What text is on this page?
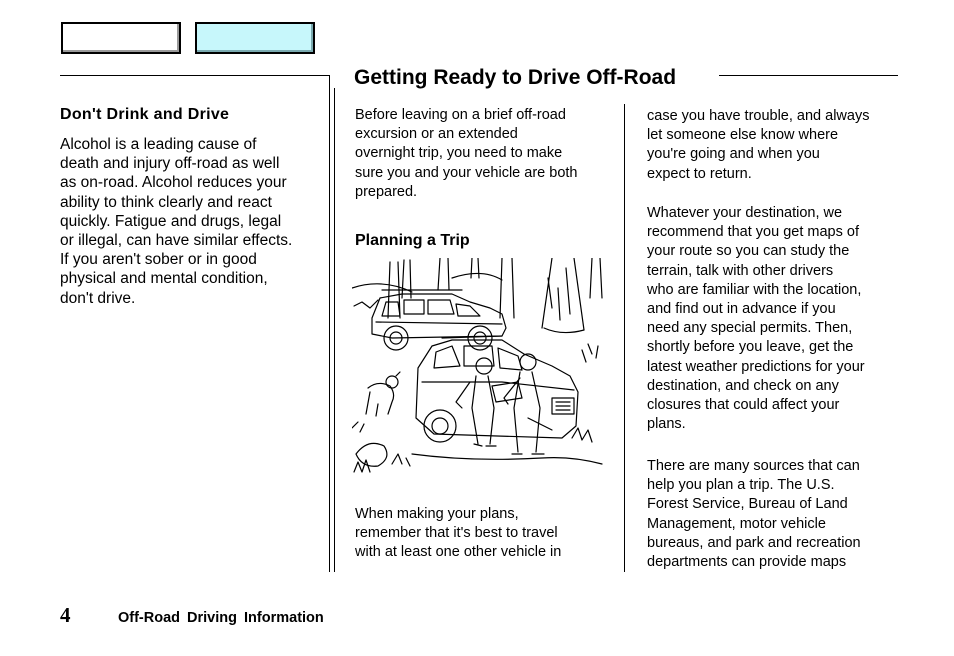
Getting Ready to Drive Off-Road
Don't Drink and Drive

Alcohol is a leading cause of
death and injury off-road as well
as on-road. Alcohol reduces your
ability to think clearly and react
quickly. Fatigue and drugs, legal
or illegal, can have similar effects.
If you aren't sober or in good
physical and mental condition,
don't drive.

Before leaving on a brief off-road
excursion or an extended
overnight trip, you need to make
sure you and your vehicle are both
prepared.

Planning a Trip

When making your plans,
remember that it's best to travel
with at least one other vehicle in

case you have trouble, and always
let someone else know where
you're going and when you
expect to return.

Whatever your destination, we
recommend that you get maps of
your route so you can study the
terrain, talk with other drivers
who are familiar with the location,
and find out in advance if you
need any special permits. Then,
shortly before you leave, get the
latest weather predictions for your
destination, and check on any
closures that could affect your
plans.

There are many sources that can
help you plan a trip. The U.S.
Forest Service, Bureau of Land
Management, motor vehicle
bureaus, and park and recreation
departments can provide maps

4	Off-Road Driving Information
